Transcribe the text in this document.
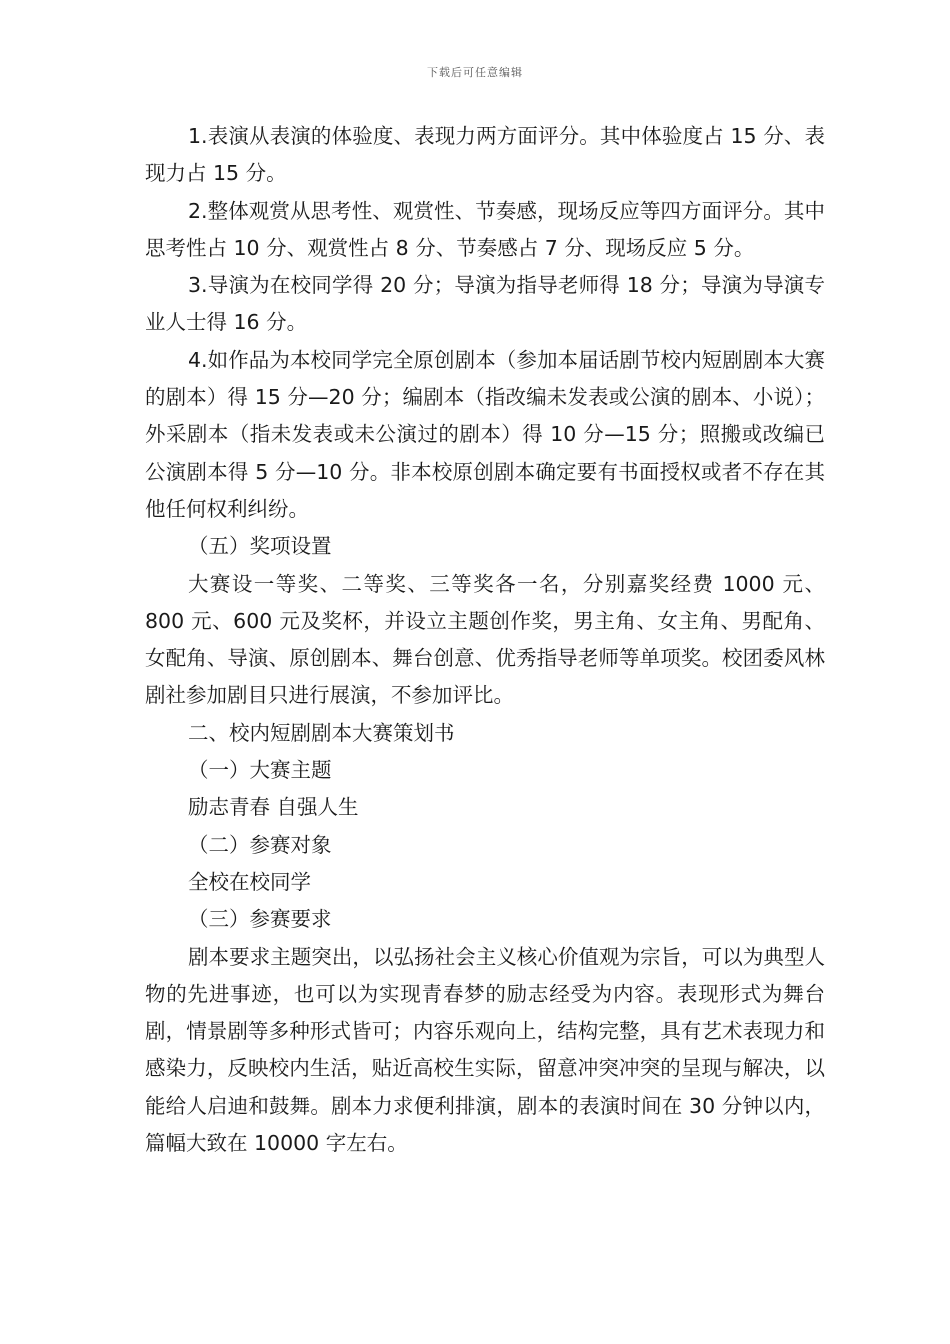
下载后可任意编辑

1.表演从表演的体验度、表现力两方面评分。其中体验度占 15 分、表现力占 15 分。

2.整体观赏从思考性、观赏性、节奏感，现场反应等四方面评分。其中思考性占 10 分、观赏性占 8 分、节奏感占 7 分、现场反应 5 分。

3.导演为在校同学得 20 分；导演为指导老师得 18 分；导演为导演专业人士得 16 分。

4.如作品为本校同学完全原创剧本（参加本届话剧节校内短剧剧本大赛的剧本）得 15 分—20 分；编剧本（指改编未发表或公演的剧本、小说）；外采剧本（指未发表或未公演过的剧本）得 10 分—15 分；照搬或改编已公演剧本得 5 分—10 分。非本校原创剧本确定要有书面授权或者不存在其他任何权利纠纷。

（五）奖项设置

大赛设一等奖、二等奖、三等奖各一名，分别嘉奖经费 1000 元、800 元、600 元及奖杯，并设立主题创作奖，男主角、女主角、男配角、女配角、导演、原创剧本、舞台创意、优秀指导老师等单项奖。校团委风林剧社参加剧目只进行展演，不参加评比。

二、校内短剧剧本大赛策划书

（一）大赛主题

励志青春 自强人生

（二）参赛对象

全校在校同学

（三）参赛要求

剧本要求主题突出，以弘扬社会主义核心价值观为宗旨，可以为典型人物的先进事迹，也可以为实现青春梦的励志经受为内容。表现形式为舞台剧，情景剧等多种形式皆可；内容乐观向上，结构完整，具有艺术表现力和感染力，反映校内生活，贴近高校生实际，留意冲突冲突的呈现与解决，以能给人启迪和鼓舞。剧本力求便利排演，剧本的表演时间在 30 分钟以内，篇幅大致在 10000 字左右。
